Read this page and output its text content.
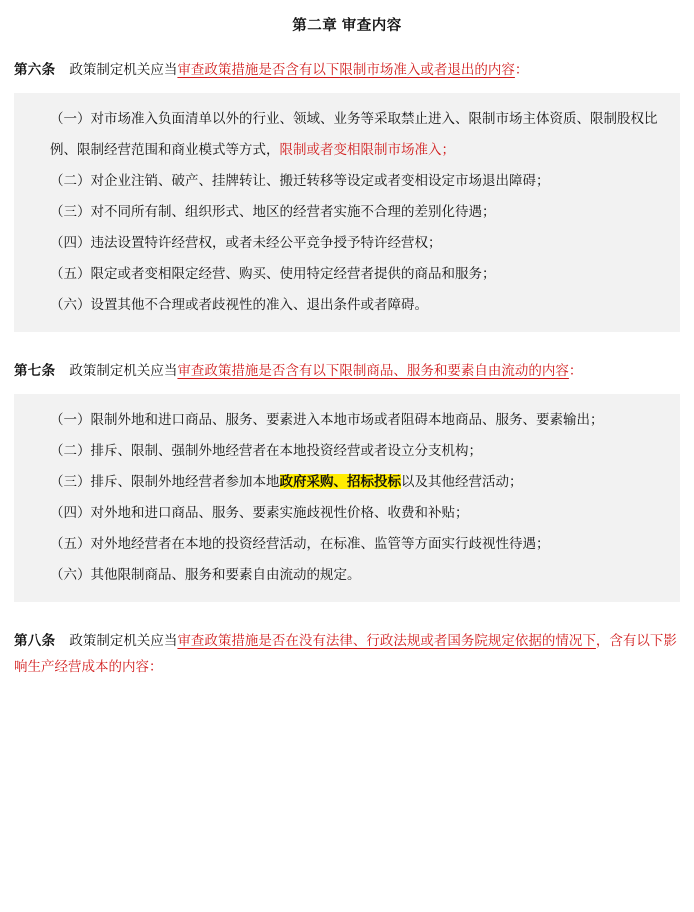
第二章 审查内容

第六条 政策制定机关应当审查政策措施是否含有以下限制市场准入或者退出的内容：

（一）对市场准入负面清单以外的行业、领域、业务等采取禁止进入、限制市场主体资质、限制股权比例、限制经营范围和商业模式等方式，限制或者变相限制市场准入；
（二）对企业注销、破产、挂牌转让、搬迁转移等设定或者变相设定市场退出障碍；
（三）对不同所有制、组织形式、地区的经营者实施不合理的差别化待遇；
（四）违法设置特许经营权，或者未经公平竞争授予特许经营权；
（五）限定或者变相限定经营、购买、使用特定经营者提供的商品和服务；
（六）设置其他不合理或者歧视性的准入、退出条件或者障碍。

第七条 政策制定机关应当审查政策措施是否含有以下限制商品、服务和要素自由流动的内容：

（一）限制外地和进口商品、服务、要素进入本地市场或者阻碍本地商品、服务、要素输出；
（二）排斥、限制、强制外地经营者在本地投资经营或者设立分支机构；
（三）排斥、限制外地经营者参加本地政府采购、招标投标以及其他经营活动；
（四）对外地和进口商品、服务、要素实施歧视性价格、收费和补贴；
（五）对外地经营者在本地的投资经营活动，在标准、监管等方面实行歧视性待遇；
（六）其他限制商品、服务和要素自由流动的规定。

第八条 政策制定机关应当审查政策措施是否在没有法律、行政法规或者国务院规定依据的情况下，含有以下影响生产经营成本的内容：
